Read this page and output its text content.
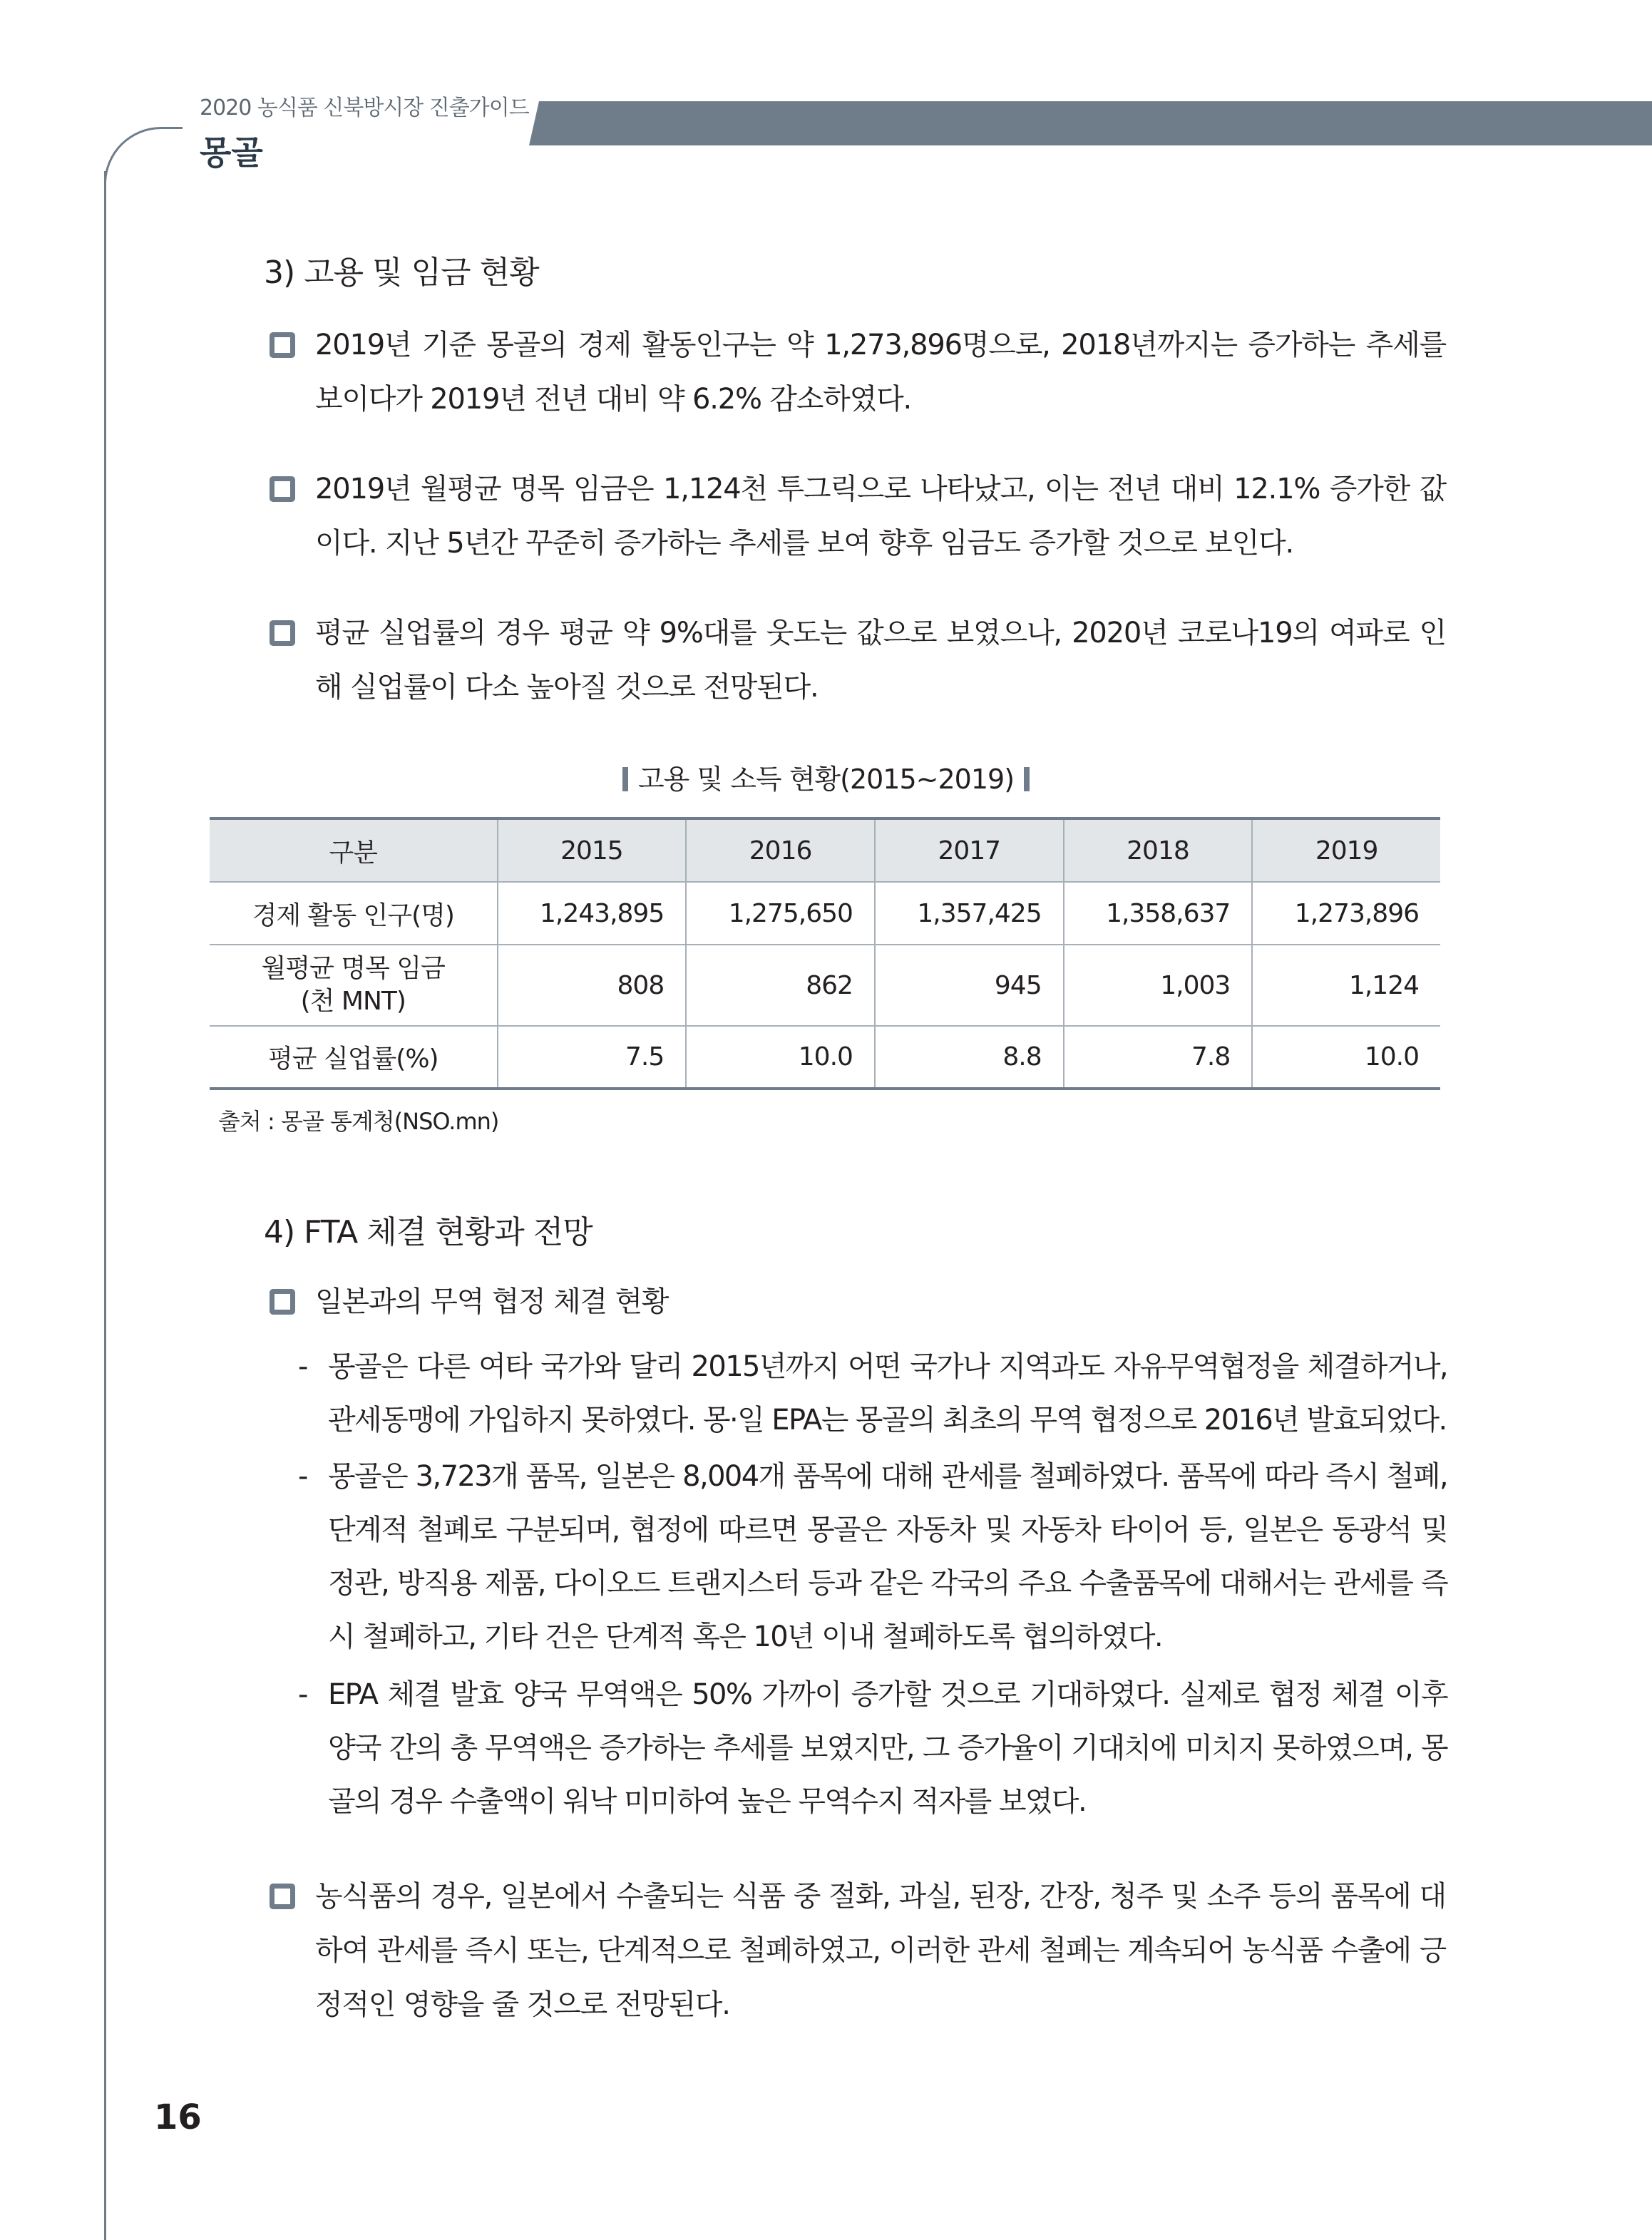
2020 농식품 신북방시장 진출가이드
몽골
3) 고용 및 임금 현황
2019년 기준 몽골의 경제 활동인구는 약 1,273,896명으로, 2018년까지는 증가하는 추세를 보이다가 2019년 전년 대비 약 6.2% 감소하였다.
2019년 월평균 명목 임금은 1,124천 투그릭으로 나타났고, 이는 전년 대비 12.1% 증가한 값이다. 지난 5년간 꾸준히 증가하는 추세를 보여 향후 임금도 증가할 것으로 보인다.
평균 실업률의 경우 평균 약 9%대를 웃도는 값으로 보였으나, 2020년 코로나19의 여파로 인해 실업률이 다소 높아질 것으로 전망된다.
고용 및 소득 현황(2015~2019)
구분	2015	2016	2017	2018	2019
경제 활동 인구(명)	1,243,895	1,275,650	1,357,425	1,358,637	1,273,896

월평균 명목 임금
(천 MNT)	808	862	945	1,003	1,124
평균 실업률(%)	7.5	10.0	8.8	7.8	10.0
출처 : 몽골 통계청(NSO.mn)
4) FTA 체결 현황과 전망
일본과의 무역 협정 체결 현황
- 몽골은 다른 여타 국가와 달리 2015년까지 어떤 국가나 지역과도 자유무역협정을 체결하거나, 관세동맹에 가입하지 못하였다. 몽·일 EPA는 몽골의 최초의 무역 협정으로 2016년 발효되었다.
- 몽골은 3,723개 품목, 일본은 8,004개 품목에 대해 관세를 철폐하였다. 품목에 따라 즉시 철폐, 단계적 철폐로 구분되며, 협정에 따르면 몽골은 자동차 및 자동차 타이어 등, 일본은 동광석 및 정관, 방직용 제품, 다이오드 트랜지스터 등과 같은 각국의 주요 수출품목에 대해서는 관세를 즉시 철폐하고, 기타 건은 단계적 혹은 10년 이내 철폐하도록 협의하였다.
- EPA 체결 발효 양국 무역액은 50% 가까이 증가할 것으로 기대하였다. 실제로 협정 체결 이후 양국 간의 총 무역액은 증가하는 추세를 보였지만, 그 증가율이 기대치에 미치지 못하였으며, 몽골의 경우 수출액이 워낙 미미하여 높은 무역수지 적자를 보였다.
농식품의 경우, 일본에서 수출되는 식품 중 절화, 과실, 된장, 간장, 청주 및 소주 등의 품목에 대하여 관세를 즉시 또는, 단계적으로 철폐하였고, 이러한 관세 철폐는 계속되어 농식품 수출에 긍정적인 영향을 줄 것으로 전망된다.
16
